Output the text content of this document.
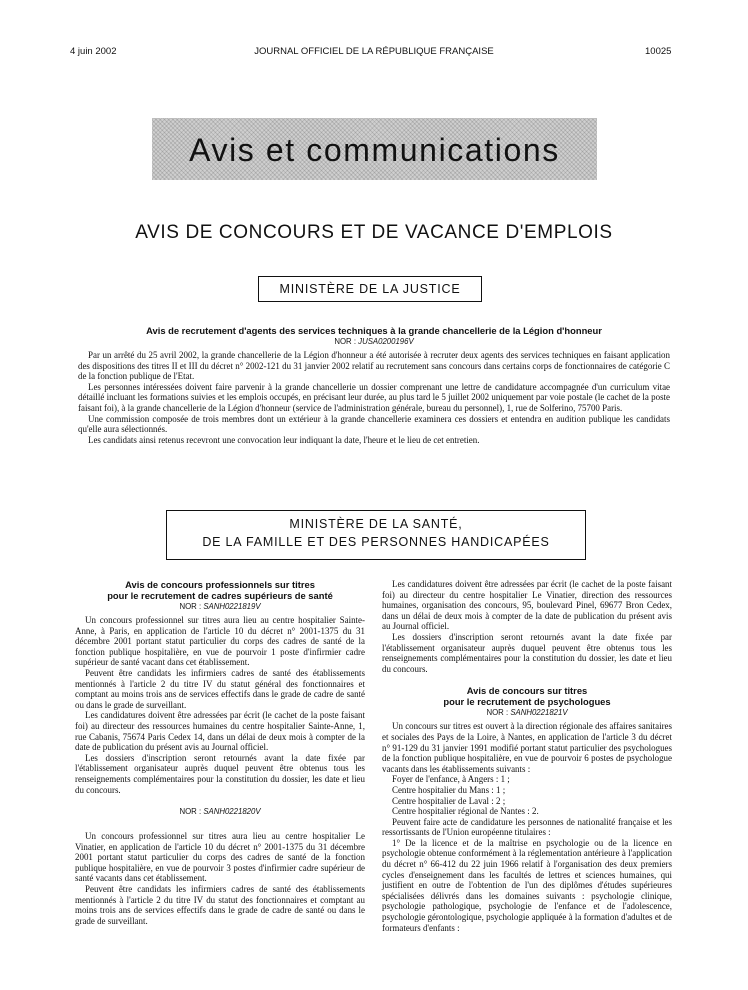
4 juin 2002	JOURNAL OFFICIEL DE LA RÉPUBLIQUE FRANÇAISE	10025
Avis et communications
AVIS DE CONCOURS ET DE VACANCE D'EMPLOIS
MINISTÈRE DE LA JUSTICE
Avis de recrutement d'agents des services techniques à la grande chancellerie de la Légion d'honneur
NOR : JUSA0200196V

Par un arrêté du 25 avril 2002, la grande chancellerie de la Légion d'honneur a été autorisée à recruter deux agents des services techniques en faisant application des dispositions des titres II et III du décret n° 2002-121 du 31 janvier 2002 relatif au recrutement sans concours dans certains corps de fonctionnaires de catégorie C de la fonction publique de l'Etat.

Les personnes intéressées doivent faire parvenir à la grande chancellerie un dossier comprenant une lettre de candidature accompagnée d'un curriculum vitae détaillé incluant les formations suivies et les emplois occupés, en précisant leur durée, au plus tard le 5 juillet 2002 uniquement par voie postale (le cachet de la poste faisant foi), à la grande chancellerie de la Légion d'honneur (service de l'administration générale, bureau du personnel), 1, rue de Solferino, 75700 Paris.

Une commission composée de trois membres dont un extérieur à la grande chancellerie examinera ces dossiers et entendra en audition publique les candidats qu'elle aura sélectionnés.

Les candidats ainsi retenus recevront une convocation leur indiquant la date, l'heure et le lieu de cet entretien.

MINISTÈRE DE LA SANTÉ,
DE LA FAMILLE ET DES PERSONNES HANDICAPÉES
Avis de concours professionnels sur titres
pour le recrutement de cadres supérieurs de santé
NOR : SANH0221819V

Un concours professionnel sur titres aura lieu au centre hospitalier Sainte-Anne, à Paris, en application de l'article 10 du décret n° 2001-1375 du 31 décembre 2001 portant statut particulier du corps des cadres de santé de la fonction publique hospitalière, en vue de pourvoir 1 poste d'infirmier cadre supérieur de santé vacant dans cet établissement.

Peuvent être candidats les infirmiers cadres de santé des établissements mentionnés à l'article 2 du titre IV du statut général des fonctionnaires et comptant au moins trois ans de services effectifs dans le grade de cadre de santé ou dans le grade de surveillant.

Les candidatures doivent être adressées par écrit (le cachet de la poste faisant foi) au directeur des ressources humaines du centre hospitalier Sainte-Anne, 1, rue Cabanis, 75674 Paris Cedex 14, dans un délai de deux mois à compter de la date de publication du présent avis au Journal officiel.

Les dossiers d'inscription seront retournés avant la date fixée par l'établissement organisateur auprès duquel peuvent être obtenus tous les renseignements complémentaires pour la constitution du dossier, les date et lieu du concours.

NOR : SANH0221820V

Un concours professionnel sur titres aura lieu au centre hospitalier Le Vinatier, en application de l'article 10 du décret n° 2001-1375 du 31 décembre 2001 portant statut particulier du corps des cadres de santé de la fonction publique hospitalière, en vue de pourvoir 3 postes d'infirmier cadre supérieur de santé vacants dans cet établissement.

Peuvent être candidats les infirmiers cadres de santé des établissements mentionnés à l'article 2 du titre IV du statut des fonctionnaires et comptant au moins trois ans de services effectifs dans le grade de cadre de santé ou dans le grade de surveillant.

Les candidatures doivent être adressées par écrit (le cachet de la poste faisant foi) au directeur du centre hospitalier Le Vinatier, direction des ressources humaines, organisation des concours, 95, boulevard Pinel, 69677 Bron Cedex, dans un délai de deux mois à compter de la date de publication du présent avis au Journal officiel.

Les dossiers d'inscription seront retournés avant la date fixée par l'établissement organisateur auprès duquel peuvent être obtenus tous les renseignements complémentaires pour la constitution du dossier, les date et lieu du concours.

Avis de concours sur titres
pour le recrutement de psychologues
NOR : SANH0221821V

Un concours sur titres est ouvert à la direction régionale des affaires sanitaires et sociales des Pays de la Loire, à Nantes, en application de l'article 3 du décret n° 91-129 du 31 janvier 1991 modifié portant statut particulier des psychologues de la fonction publique hospitalière, en vue de pourvoir 6 postes de psychologue vacants dans les établissements suivants :

Foyer de l'enfance, à Angers : 1 ;

Centre hospitalier du Mans : 1 ;

Centre hospitalier de Laval : 2 ;

Centre hospitalier régional de Nantes : 2.

Peuvent faire acte de candidature les personnes de nationalité française et les ressortissants de l'Union européenne titulaires :

1° De la licence et de la maîtrise en psychologie ou de la licence en psychologie obtenue conformément à la réglementation antérieure à l'application du décret n° 66-412 du 22 juin 1966 relatif à l'organisation des deux premiers cycles d'enseignement dans les facultés de lettres et sciences humaines, qui justifient en outre de l'obtention de l'un des diplômes d'études supérieures spécialisées délivrés dans les domaines suivants : psychologie clinique, psychologie pathologique, psychologie de l'enfance et de l'adolescence, psychologie gérontologique, psychologie appliquée à la formation d'adultes et de formateurs d'enfants :
